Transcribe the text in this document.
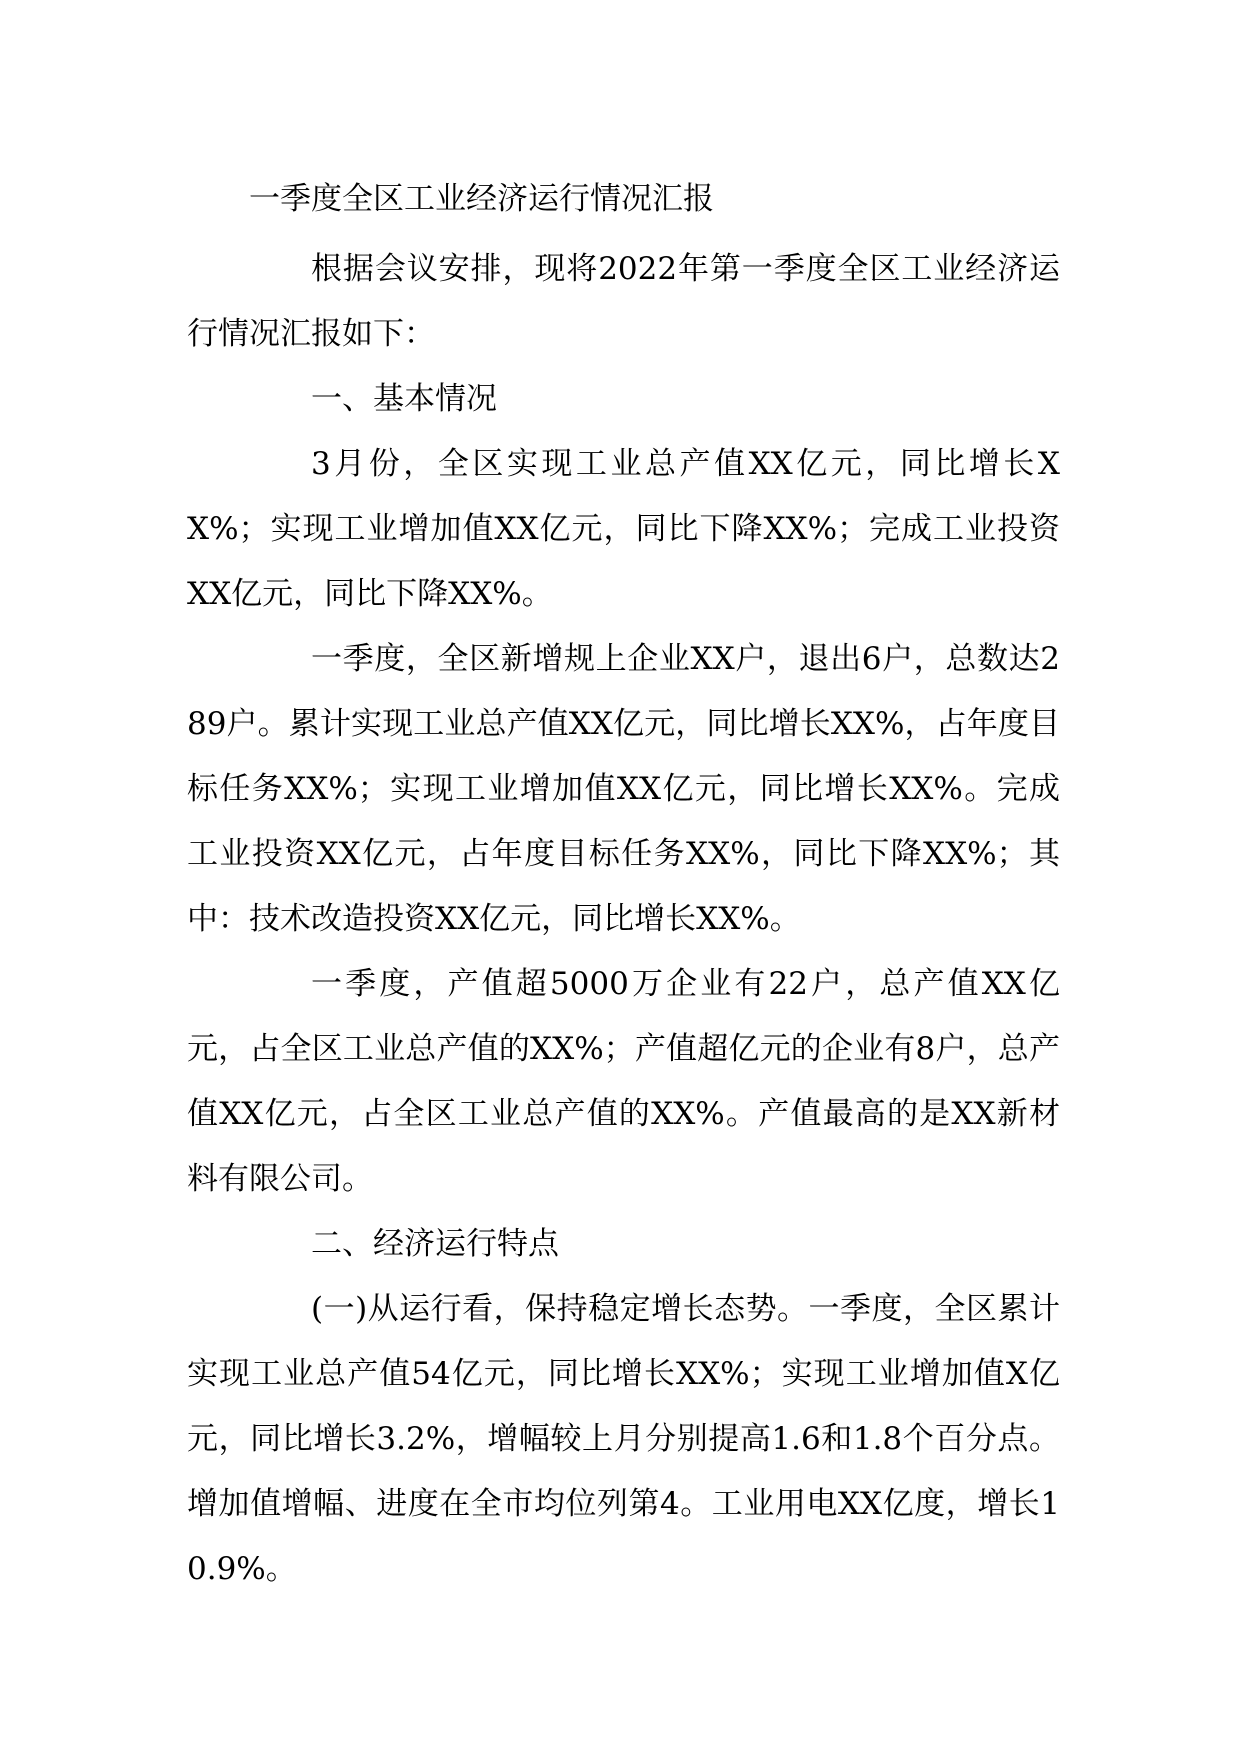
一季度全区工业经济运行情况汇报

根据会议安排，现将2022年第一季度全区工业经济运行情况汇报如下：

一、基本情况

3月份，全区实现工业总产值XX亿元，同比增长XX%；实现工业增加值XX亿元，同比下降XX%；完成工业投资XX亿元，同比下降XX%。

一季度，全区新增规上企业XX户，退出6户，总数达289户。累计实现工业总产值XX亿元，同比增长XX%，占年度目标任务XX%；实现工业增加值XX亿元，同比增长XX%。完成工业投资XX亿元，占年度目标任务XX%，同比下降XX%；其中：技术改造投资XX亿元，同比增长XX%。

一季度，产值超5000万企业有22户，总产值XX亿元，占全区工业总产值的XX%；产值超亿元的企业有8户，总产值XX亿元，占全区工业总产值的XX%。产值最高的是XX新材料有限公司。

二、经济运行特点

(一)从运行看，保持稳定增长态势。一季度，全区累计实现工业总产值54亿元，同比增长XX%；实现工业增加值X亿元，同比增长3.2%，增幅较上月分别提高1.6和1.8个百分点。增加值增幅、进度在全市均位列第4。工业用电XX亿度，增长10.9%。
